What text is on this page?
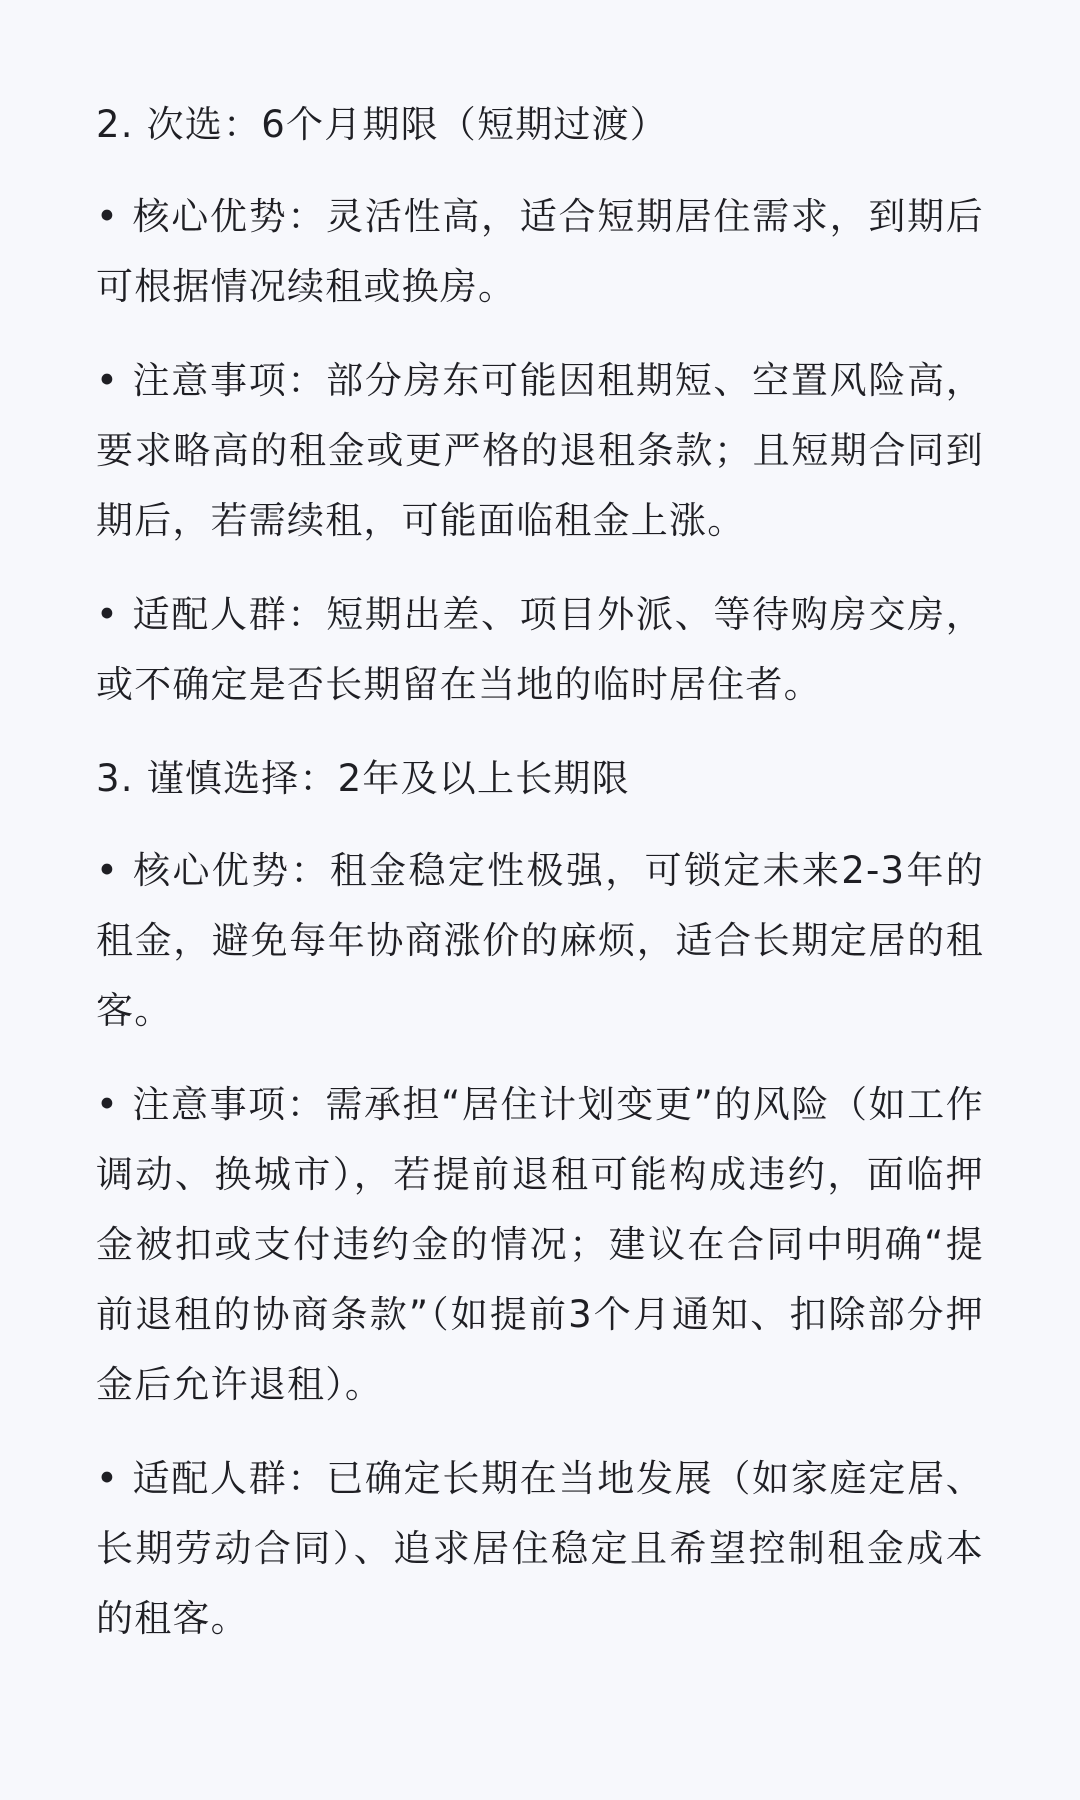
2. 次选：6个月期限（短期过渡）

• 核心优势：灵活性高，适合短期居住需求，到期后可根据情况续租或换房。

• 注意事项：部分房东可能因租期短、空置风险高，要求略高的租金或更严格的退租条款；且短期合同到期后，若需续租，可能面临租金上涨。

• 适配人群：短期出差、项目外派、等待购房交房，或不确定是否长期留在当地的临时居住者。

3. 谨慎选择：2年及以上长期限

• 核心优势：租金稳定性极强，可锁定未来2-3年的租金，避免每年协商涨价的麻烦，适合长期定居的租客。

• 注意事项：需承担“居住计划变更”的风险（如工作调动、换城市），若提前退租可能构成违约，面临押金被扣或支付违约金的情况；建议在合同中明确“提前退租的协商条款”（如提前3个月通知、扣除部分押金后允许退租）。

• 适配人群：已确定长期在当地发展（如家庭定居、长期劳动合同）、追求居住稳定且希望控制租金成本的租客。
